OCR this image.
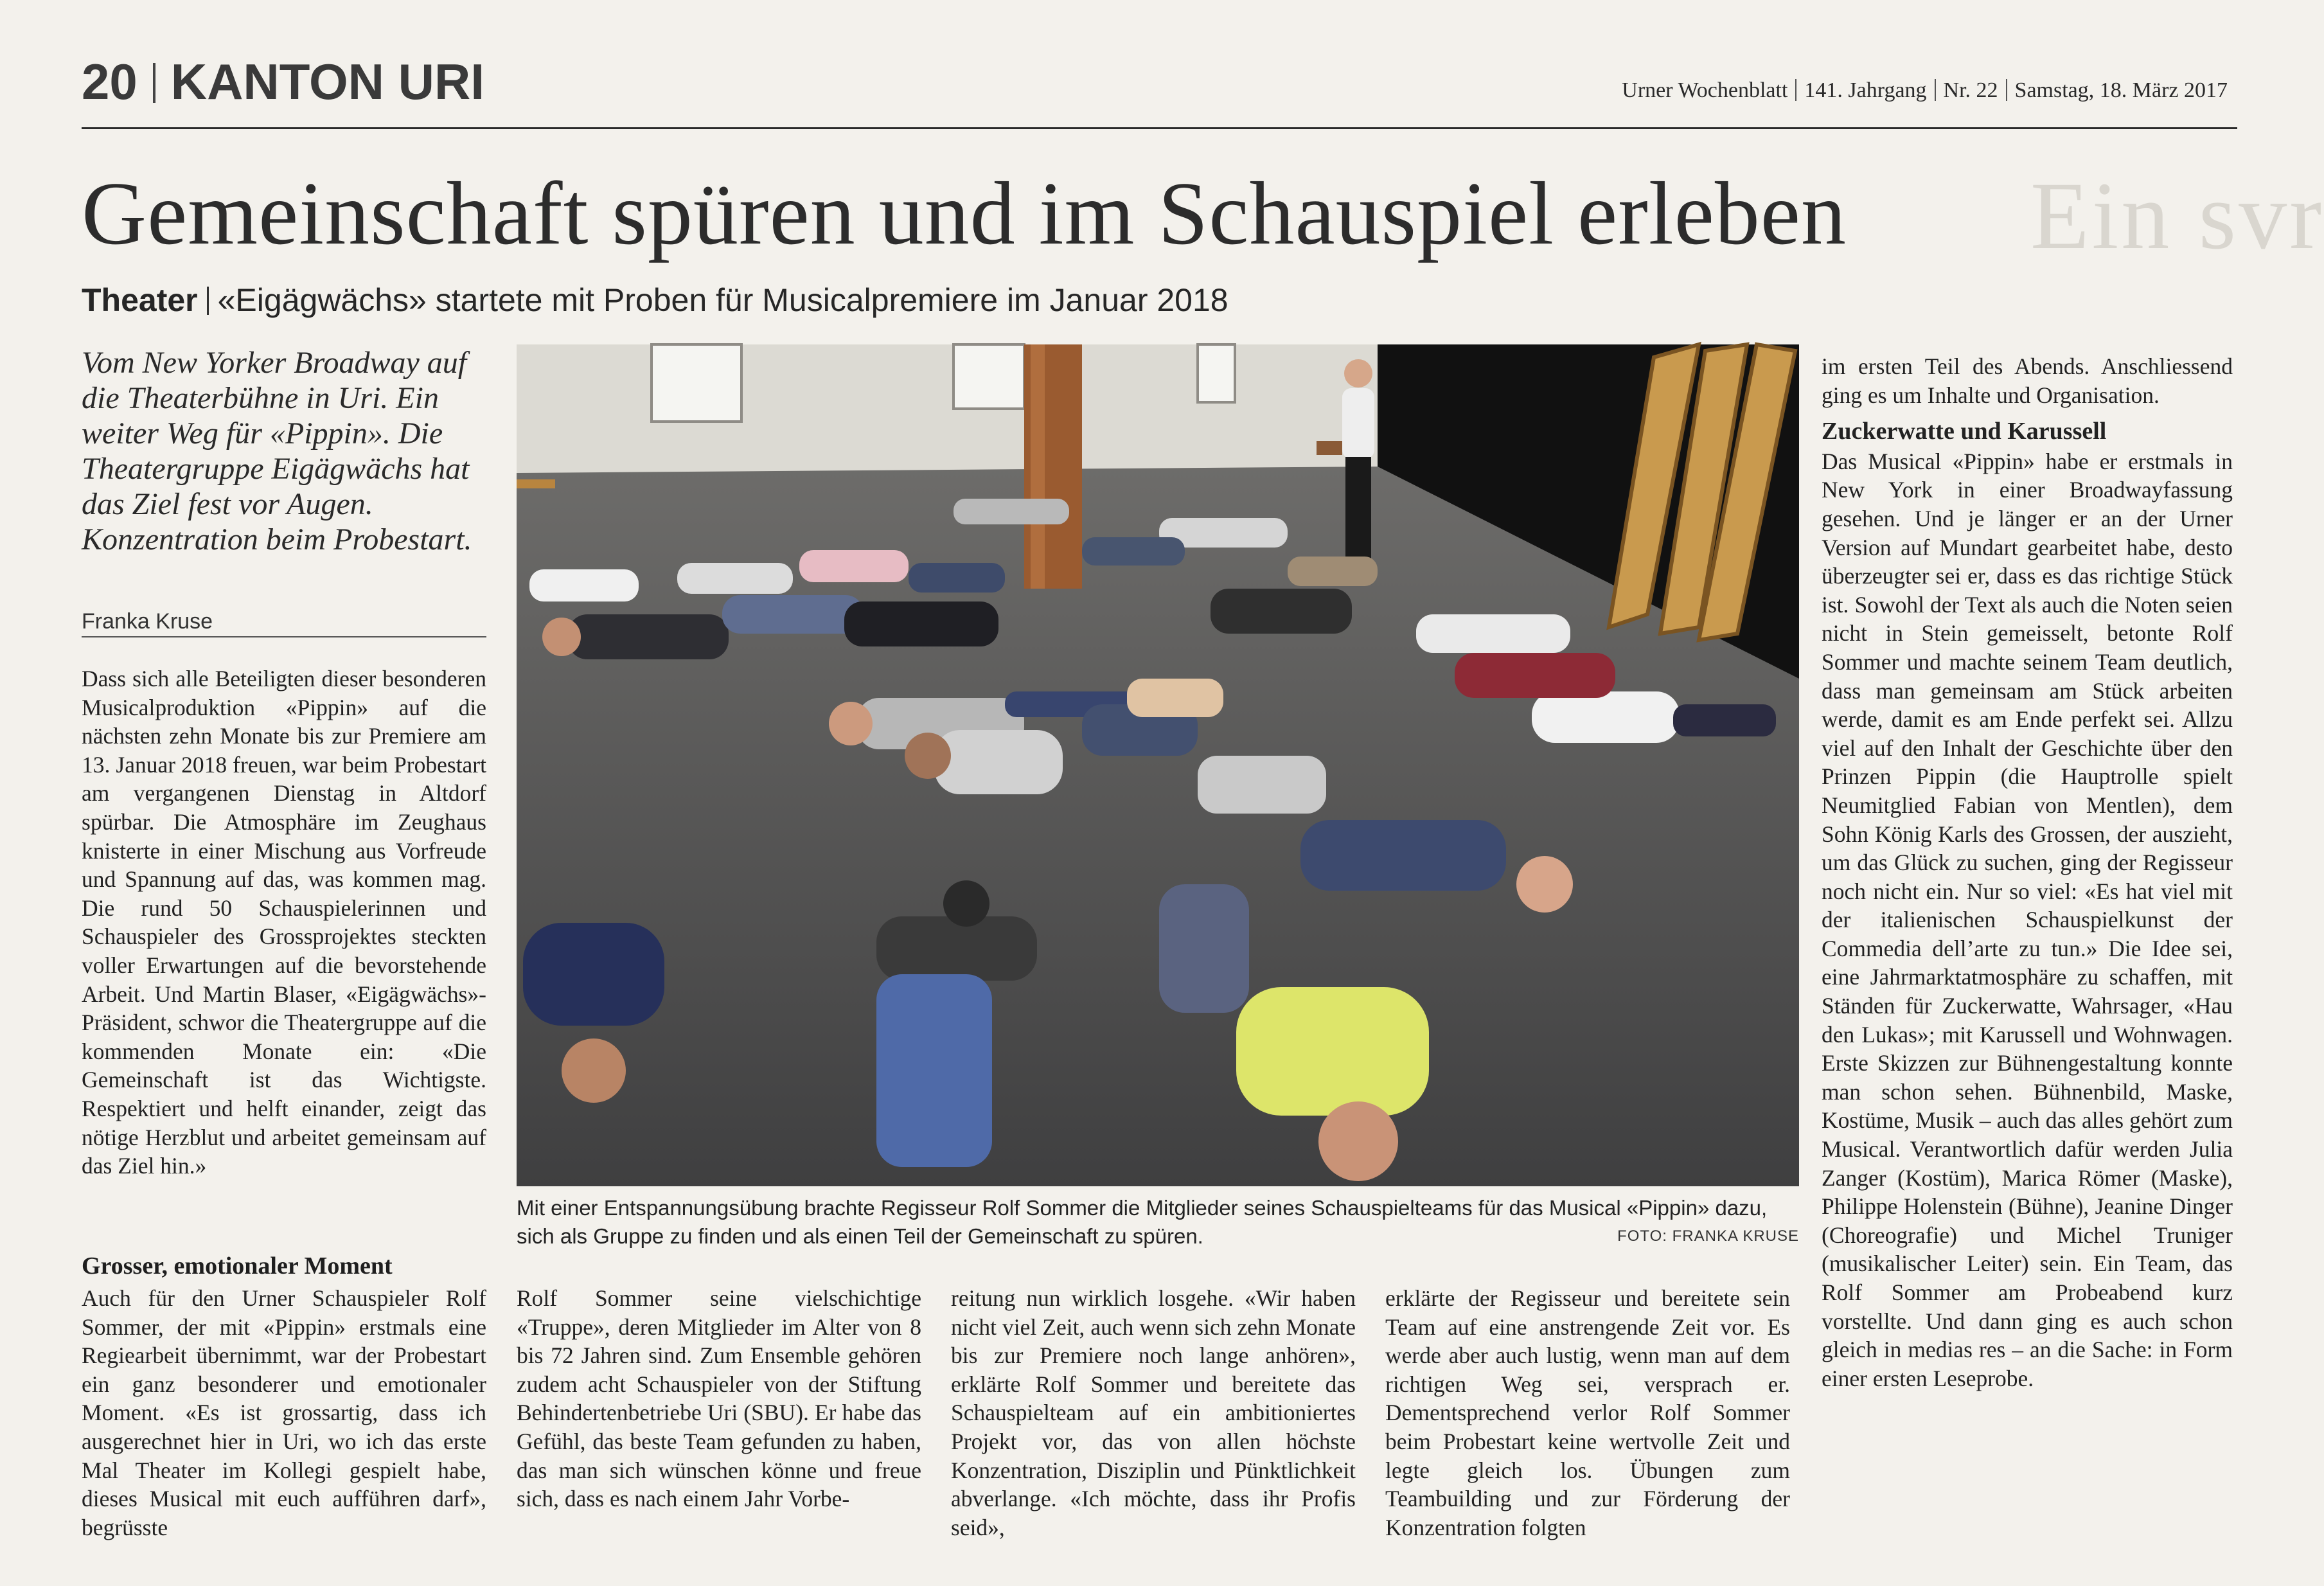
20 KANTON URI	Urner Wochenblatt 141. Jahrgang Nr. 22 Samstag, 18. März 2017
Ein svr
Gemeinschaft spüren und im Schauspiel erleben
Theater «Eigägwächs» startete mit Proben für Musicalpremiere im Januar 2018
Vom New Yorker Broadway auf die Theaterbühne in Uri. Ein weiter Weg für «Pippin». Die Theatergruppe Eigägwächs hat das Ziel fest vor Augen. Konzentration beim Probestart.
Franka Kruse
Dass sich alle Beteiligten dieser besonderen Musicalproduktion «Pippin» auf die nächsten zehn Monate bis zur Premiere am 13. Januar 2018 freuen, war beim Probestart am vergangenen Dienstag in Altdorf spürbar. Die Atmosphäre im Zeughaus knisterte in einer Mischung aus Vorfreude und Spannung auf das, was kommen mag. Die rund 50 Schauspielerinnen und Schauspieler des Grossprojektes steckten voller Erwartungen auf die bevorstehende Arbeit. Und Martin Blaser, «Eigägwächs»-Präsident, schwor die Theatergruppe auf die kommenden Monate ein: «Die Gemeinschaft ist das Wichtigste. Respektiert und helft einander, zeigt das nötige Herzblut und arbeitet gemeinsam auf das Ziel hin.»
Grosser, emotionaler Moment
Auch für den Urner Schauspieler Rolf Sommer, der mit «Pippin» erstmals eine Regiearbeit übernimmt, war der Probestart ein ganz besonderer und emotionaler Moment. «Es ist grossartig, dass ich ausgerechnet hier in Uri, wo ich das erste Mal Theater im Kollegi gespielt habe, dieses Musical mit euch aufführen darf», begrüsste
Rolf Sommer seine vielschichtige «Truppe», deren Mitglieder im Alter von 8 bis 72 Jahren sind. Zum Ensemble gehören zudem acht Schauspieler von der Stiftung Behindertenbetriebe Uri (SBU). Er habe das Gefühl, das beste Team gefunden zu haben, das man sich wünschen könne und freue sich, dass es nach einem Jahr Vorbe-
reitung nun wirklich losgehe. «Wir haben nicht viel Zeit, auch wenn sich zehn Monate bis zur Premiere noch lange anhören», erklärte Rolf Sommer und bereitete das Schauspielteam auf ein ambitioniertes Projekt vor, das von allen höchste Konzentration, Disziplin und Pünktlichkeit abverlange. «Ich möchte, dass ihr Profis seid»,
erklärte der Regisseur und bereitete sein Team auf eine anstrengende Zeit vor. Es werde aber auch lustig, wenn man auf dem richtigen Weg sei, versprach er. Dementsprechend verlor Rolf Sommer beim Probestart keine wertvolle Zeit und legte gleich los. Übungen zum Teambuilding und zur Förderung der Konzentration folgten

im ersten Teil des Abends. Anschliessend ging es um Inhalte und Organisation.

Zuckerwatte und Karussell

Das Musical «Pippin» habe er erstmals in New York in einer Broadwayfassung gesehen. Und je länger er an der Urner Version auf Mundart gearbeitet habe, desto überzeugter sei er, dass es das richtige Stück ist. Sowohl der Text als auch die Noten seien nicht in Stein gemeisselt, betonte Rolf Sommer und machte seinem Team deutlich, dass man gemeinsam am Stück arbeiten werde, damit es am Ende perfekt sei. Allzu viel auf den Inhalt der Geschichte über den Prinzen Pippin (die Hauptrolle spielt Neumitglied Fabian von Mentlen), dem Sohn König Karls des Grossen, der auszieht, um das Glück zu suchen, ging der Regisseur noch nicht ein. Nur so viel: «Es hat viel mit der italienischen Schauspielkunst der Commedia dell’arte zu tun.» Die Idee sei, eine Jahrmarktatmosphäre zu schaffen, mit Ständen für Zuckerwatte, Wahrsager, «Hau den Lukas»; mit Karussell und Wohnwagen. Erste Skizzen zur Bühnengestaltung konnte man schon sehen. Bühnenbild, Maske, Kostüme, Musik – auch das alles gehört zum Musical. Verantwortlich dafür werden Julia Zanger (Kostüm), Marica Römer (Maske), Philippe Holenstein (Bühne), Jeanine Dinger (Choreografie) und Michel Truniger (musikalischer Leiter) sein. Ein Team, das Rolf Sommer am Probeabend kurz vorstellte. Und dann ging es auch schon gleich in medias res – an die Sache: in Form einer ersten Leseprobe.

Mit einer Entspannungsübung brachte Regisseur Rolf Sommer die Mitglieder seines Schauspielteams für das Musical «Pippin» dazu, sich als Gruppe zu finden und als einen Teil der Gemeinschaft zu spüren.	FOTO: FRANKA KRUSE
